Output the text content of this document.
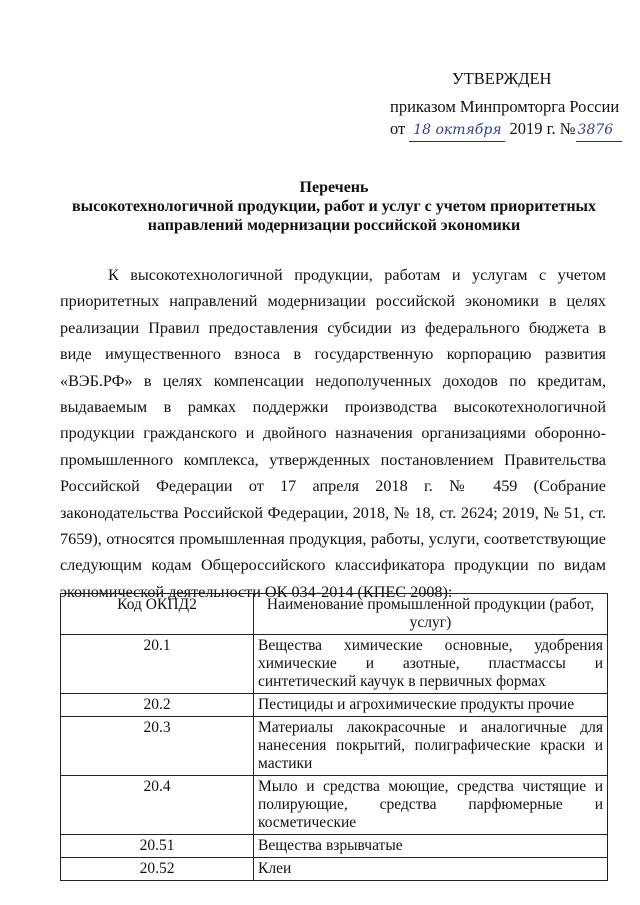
УТВЕРЖДЕН
приказом Минпромторга России
от 18 октября 2019 г. № 3876
Перечень
высокотехнологичной продукции, работ и услуг с учетом приоритетных
направлений модернизации российской экономики
К высокотехнологичной продукции, работам и услугам с учетом приоритетных направлений модернизации российской экономики в целях реализации Правил предоставления субсидии из федерального бюджета в виде имущественного взноса в государственную корпорацию развития «ВЭБ.РФ» в целях компенсации недополученных доходов по кредитам, выдаваемым в рамках поддержки производства высокотехнологичной продукции гражданского и двойного назначения организациями оборонно-промышленного комплекса, утвержденных постановлением Правительства Российской Федерации от 17 апреля 2018 г. № 459 (Собрание законодательства Российской Федерации, 2018, № 18, ст. 2624; 2019, № 51, ст. 7659), относятся промышленная продукция, работы, услуги, соответствующие следующим кодам Общероссийского классификатора продукции по видам экономической деятельности ОК 034-2014 (КПЕС 2008):
Код ОКПД2	Наименование промышленной продукции (работ, услуг)
20.1	Вещества химические основные, удобрения химические и азотные, пластмассы и синтетический каучук в первичных формах
20.2	Пестициды и агрохимические продукты прочие
20.3	Материалы лакокрасочные и аналогичные для нанесения покрытий, полиграфические краски и мастики
20.4	Мыло и средства моющие, средства чистящие и полирующие, средства парфюмерные и косметические
20.51	Вещества взрывчатые
20.52	Клеи
